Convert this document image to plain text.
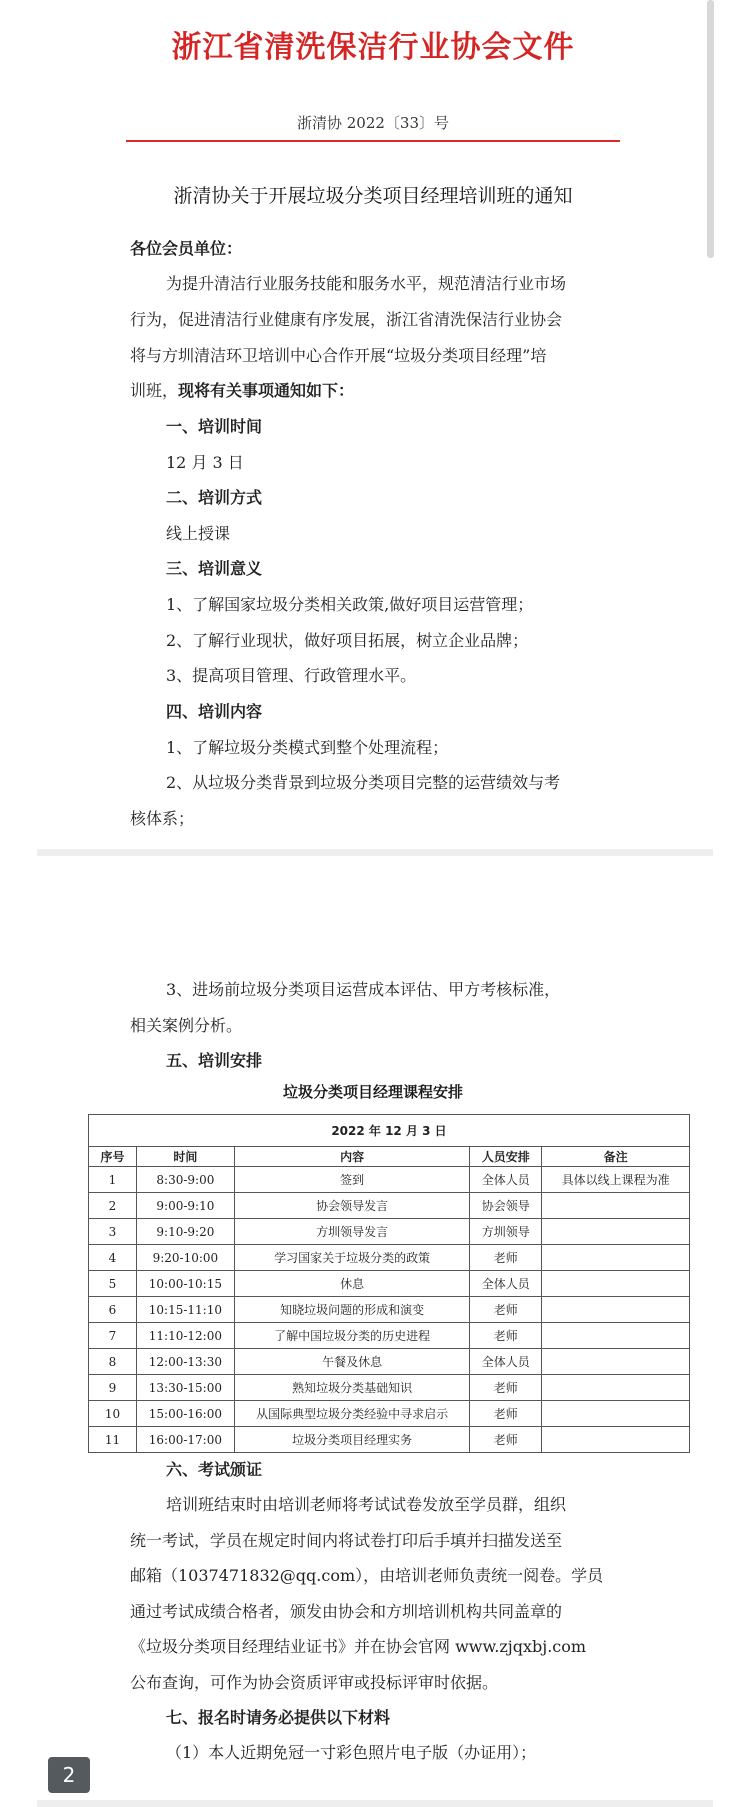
浙江省清洗保洁行业协会文件
浙清协 2022〔33〕号
浙清协关于开展垃圾分类项目经理培训班的通知
各位会员单位：
为提升清洁行业服务技能和服务水平，规范清洁行业市场
行为，促进清洁行业健康有序发展，浙江省清洗保洁行业协会
将与方圳清洁环卫培训中心合作开展“垃圾分类项目经理”培
训班，现将有关事项通知如下：
一、培训时间
12 月 3 日
二、培训方式
线上授课
三、培训意义
1、了解国家垃圾分类相关政策,做好项目运营管理；
2、了解行业现状，做好项目拓展，树立企业品牌；
3、提高项目管理、行政管理水平。
四、培训内容
1、了解垃圾分类模式到整个处理流程；
2、从垃圾分类背景到垃圾分类项目完整的运营绩效与考
核体系；
3、进场前垃圾分类项目运营成本评估、甲方考核标准，
相关案例分析。
五、培训安排
垃圾分类项目经理课程安排
2022 年 12 月 3 日				
序号	时间	内容	人员安排	备注
1	8:30-9:00	签到	全体人员	具体以线上课程为准
2	9:00-9:10	协会领导发言	协会领导	
3	9:10-9:20	方圳领导发言	方圳领导	
4	9:20-10:00	学习国家关于垃圾分类的政策	老师	
5	10:00-10:15	休息	全体人员	
6	10:15-11:10	知晓垃圾问题的形成和演变	老师	
7	11:10-12:00	了解中国垃圾分类的历史进程	老师	
8	12:00-13:30	午餐及休息	全体人员	
9	13:30-15:00	熟知垃圾分类基础知识	老师	
10	15:00-16:00	从国际典型垃圾分类经验中寻求启示	老师	
11	16:00-17:00	垃圾分类项目经理实务	老师	
六、考试颁证
培训班结束时由培训老师将考试试卷发放至学员群，组织
统一考试，学员在规定时间内将试卷打印后手填并扫描发送至
邮箱（1037471832@qq.com），由培训老师负责统一阅卷。学员
通过考试成绩合格者，颁发由协会和方圳培训机构共同盖章的
《垃圾分类项目经理结业证书》并在协会官网 www.zjqxbj.com
公布查询，可作为协会资质评审或投标评审时依据。
七、报名时请务必提供以下材料
（1）本人近期免冠一寸彩色照片电子版（办证用）；
2
